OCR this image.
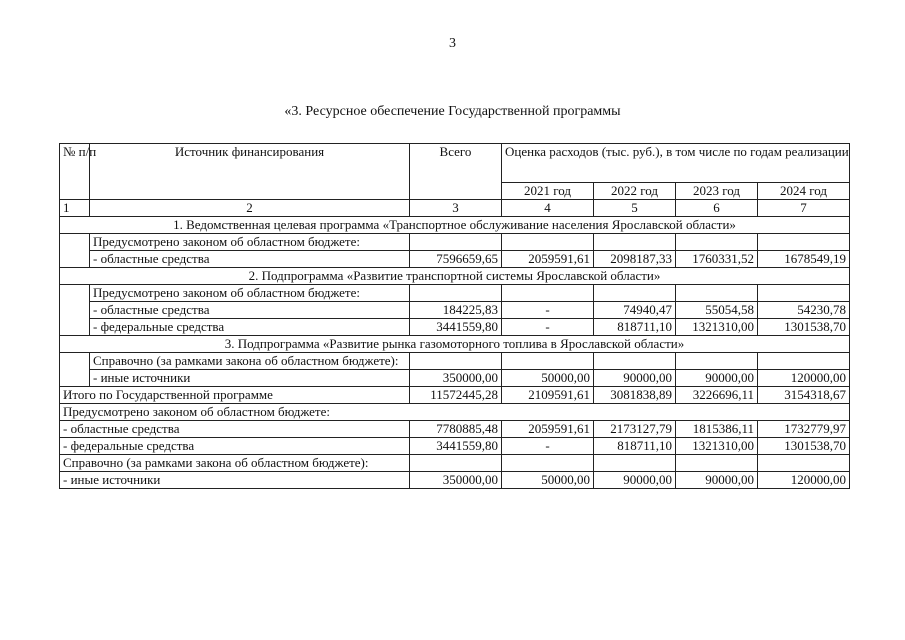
3
«3. Ресурсное обеспечение Государственной программы
№ п/п	Источник финансирования	Всего	Оценка расходов (тыс. руб.), в том числе по годам реализации			
			2021 год	2022 год	2023 год	2024 год
1	2	3	4	5	6	7
1. Ведомственная целевая программа «Транспортное обслуживание населения Ярославской области»						
	Предусмотрено законом об областном бюджете:					
	- областные средства	7596659,65	2059591,61	2098187,33	1760331,52	1678549,19
2. Подпрограмма «Развитие транспортной системы Ярославской области»						
	Предусмотрено законом об областном бюджете:					
	- областные средства	184225,83	-	74940,47	55054,58	54230,78
	- федеральные средства	3441559,80	-	818711,10	1321310,00	1301538,70
3. Подпрограмма «Развитие рынка газомоторного топлива в Ярославской области»						
	Справочно (за рамками закона об областном бюджете):					
	- иные источники	350000,00	50000,00	90000,00	90000,00	120000,00
Итого по Государственной программе		11572445,28	2109591,61	3081838,89	3226696,11	3154318,67
Предусмотрено законом об областном бюджете:						
- областные средства		7780885,48	2059591,61	2173127,79	1815386,11	1732779,97
- федеральные средства		3441559,80	-	818711,10	1321310,00	1301538,70
Справочно (за рамками закона об областном бюджете):						
- иные источники		350000,00	50000,00	90000,00	90000,00	120000,00
